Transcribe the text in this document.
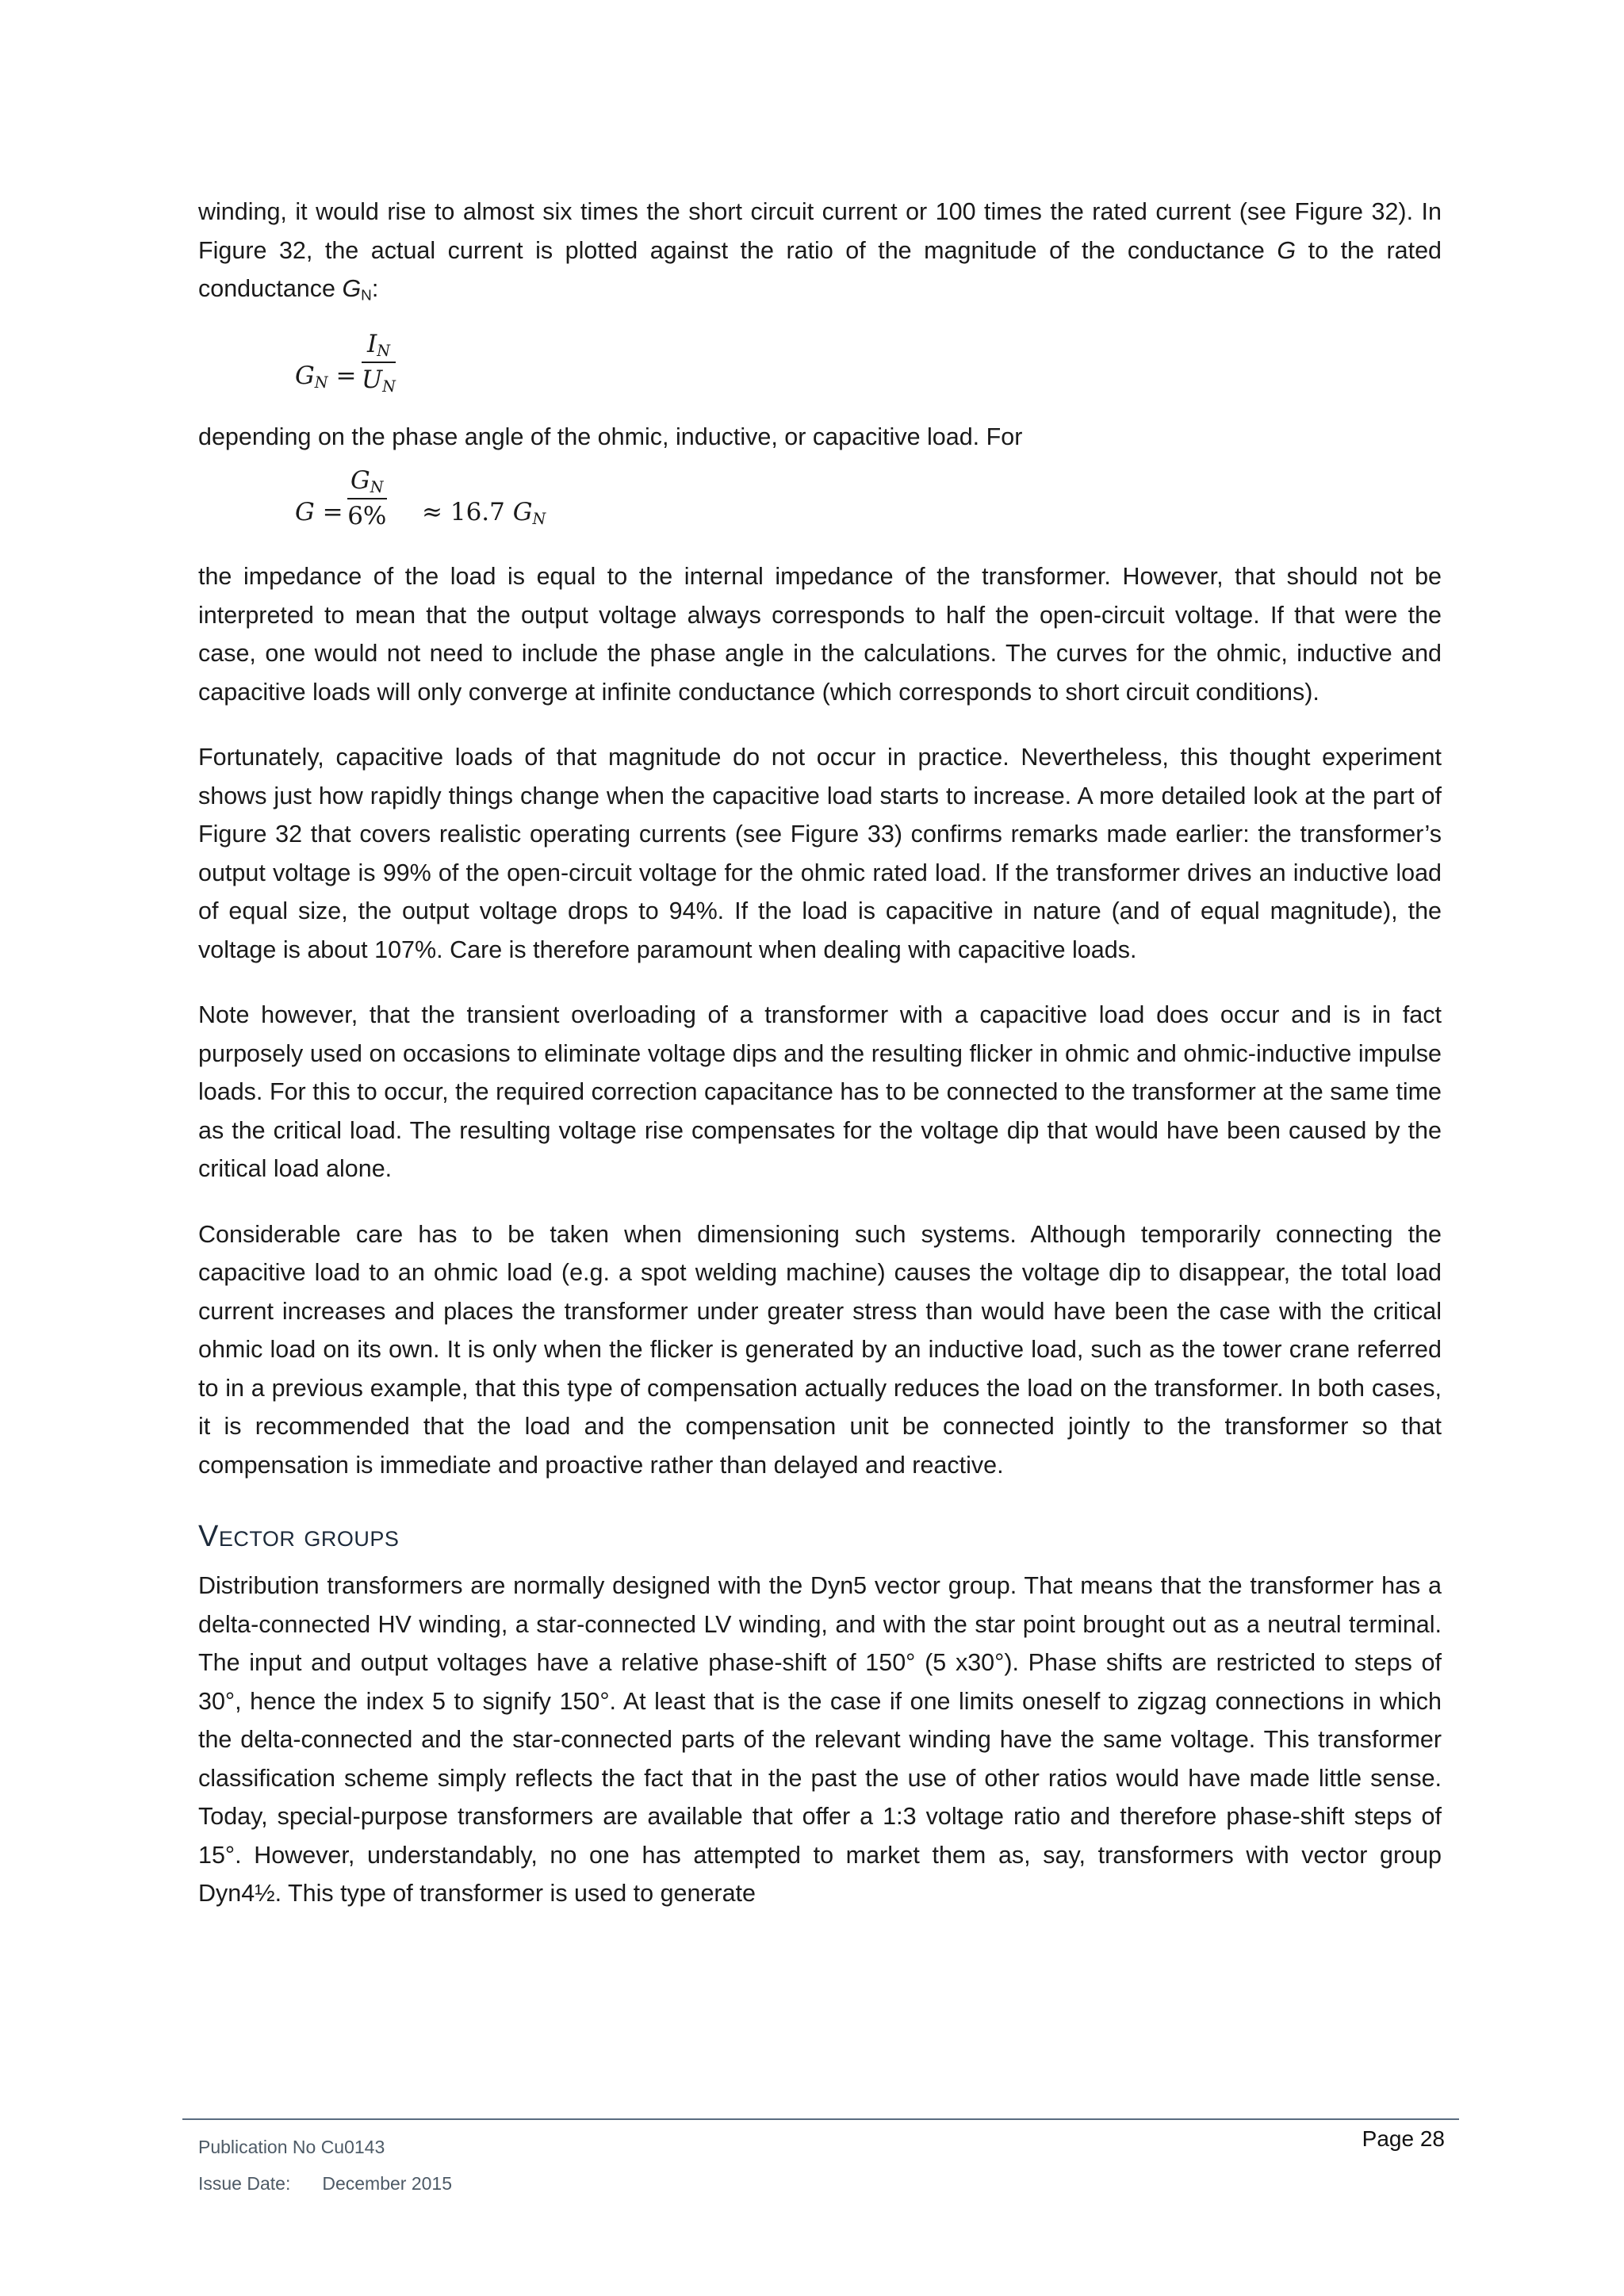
winding, it would rise to almost six times the short circuit current or 100 times the rated current (see Figure 32). In Figure 32, the actual current is plotted against the ratio of the magnitude of the conductance G to the rated conductance $G_N$:

$G_N = \frac{I_N}{U_N}$

depending on the phase angle of the ohmic, inductive, or capacitive load. For

$G = \frac{G_N}{6\%} \approx 16.7$ $G_N$

the impedance of the load is equal to the internal impedance of the transformer. However, that should not be interpreted to mean that the output voltage always corresponds to half the open-circuit voltage. If that were the case, one would not need to include the phase angle in the calculations. The curves for the ohmic, inductive and capacitive loads will only converge at infinite conductance (which corresponds to short circuit conditions).

Fortunately, capacitive loads of that magnitude do not occur in practice. Nevertheless, this thought experiment shows just how rapidly things change when the capacitive load starts to increase. A more detailed look at the part of Figure 32 that covers realistic operating currents (see Figure 33) confirms remarks made earlier: the transformer’s output voltage is 99% of the open-circuit voltage for the ohmic rated load. If the transformer drives an inductive load of equal size, the output voltage drops to 94%. If the load is capacitive in nature (and of equal magnitude), the voltage is about 107%. Care is therefore paramount when dealing with capacitive loads.

Note however, that the transient overloading of a transformer with a capacitive load does occur and is in fact purposely used on occasions to eliminate voltage dips and the resulting flicker in ohmic and ohmic-inductive impulse loads. For this to occur, the required correction capacitance has to be connected to the transformer at the same time as the critical load. The resulting voltage rise compensates for the voltage dip that would have been caused by the critical load alone.

Considerable care has to be taken when dimensioning such systems. Although temporarily connecting the capacitive load to an ohmic load (e.g. a spot welding machine) causes the voltage dip to disappear, the total load current increases and places the transformer under greater stress than would have been the case with the critical ohmic load on its own. It is only when the flicker is generated by an inductive load, such as the tower crane referred to in a previous example, that this type of compensation actually reduces the load on the transformer. In both cases, it is recommended that the load and the compensation unit be connected jointly to the transformer so that compensation is immediate and proactive rather than delayed and reactive.

Vector groups

Distribution transformers are normally designed with the Dyn5 vector group. That means that the transformer has a delta-connected HV winding, a star-connected LV winding, and with the star point brought out as a neutral terminal. The input and output voltages have a relative phase-shift of 150° (5 x30°). Phase shifts are restricted to steps of 30°, hence the index 5 to signify 150°. At least that is the case if one limits oneself to zigzag connections in which the delta-connected and the star-connected parts of the relevant winding have the same voltage. This transformer classification scheme simply reflects the fact that in the past the use of other ratios would have made little sense. Today, special-purpose transformers are available that offer a 1:3 voltage ratio and therefore phase-shift steps of 15°. However, understandably, no one has attempted to market them as, say, transformers with vector group Dyn4½. This type of transformer is used to generate

Publication No Cu0143
Issue Date: December 2015
Page 28
